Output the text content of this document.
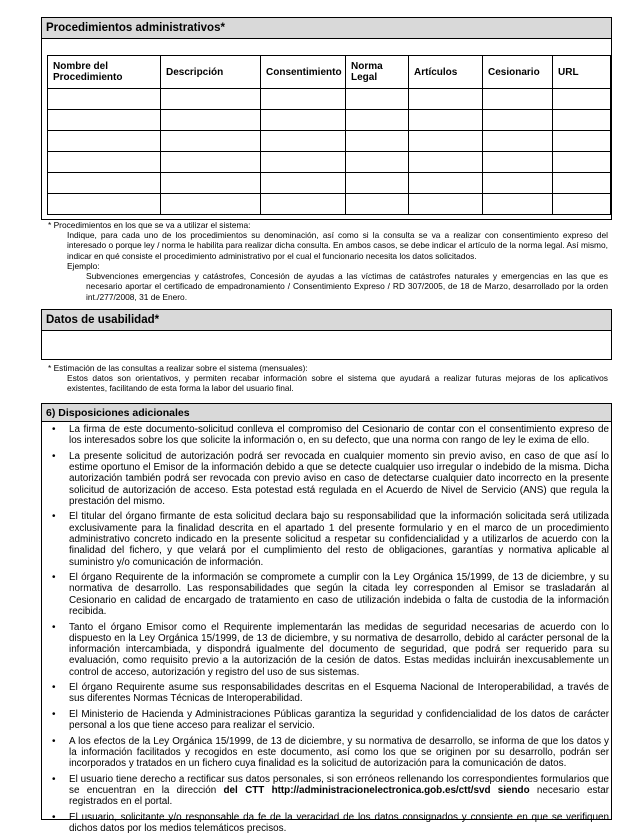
Procedimientos administrativos*
Nombre del Procedimiento	Descripción	Consentimiento	Norma Legal	Artículos	Cesionario	URL

* Procedimientos en los que se va a utilizar el sistema:
Indique, para cada uno de los procedimientos su denominación, así como si la consulta se va a realizar con consentimiento expreso del interesado o porque ley / norma le habilita para realizar dicha consulta. En ambos casos, se debe indicar el artículo de la norma legal. Así mismo, indicar en qué consiste el procedimiento administrativo por el cual el funcionario necesita los datos solicitados.
Ejemplo:
Subvenciones emergencias y catástrofes, Concesión de ayudas a las víctimas de catástrofes naturales y emergencias en las que es necesario aportar el certificado de empadronamiento / Consentimiento Expreso / RD 307/2005, de 18 de Marzo, desarrollado por la orden int./277/2008, 31 de Enero.
Datos de usabilidad*
* Estimación de las consultas a realizar sobre el sistema (mensuales):
Estos datos son orientativos, y permiten recabar información sobre el sistema que ayudará a realizar futuras mejoras de los aplicativos existentes, facilitando de esta forma la labor del usuario final.
6) Disposiciones adicionales
• La firma de este documento-solicitud conlleva el compromiso del Cesionario de contar con el consentimiento expreso de los interesados sobre los que solicite la información o, en su defecto, que una norma con rango de ley le exima de ello.
• La presente solicitud de autorización podrá ser revocada en cualquier momento sin previo aviso, en caso de que así lo estime oportuno el Emisor de la información debido a que se detecte cualquier uso irregular o indebido de la misma. Dicha autorización también podrá ser revocada con previo aviso en caso de detectarse cualquier dato incorrecto en la presente solicitud de autorización de acceso. Esta potestad está regulada en el Acuerdo de Nivel de Servicio (ANS) que regula la prestación del mismo.
• El titular del órgano firmante de esta solicitud declara bajo su responsabilidad que la información solicitada será utilizada exclusivamente para la finalidad descrita en el apartado 1 del presente formulario y en el marco de un procedimiento administrativo concreto indicado en la presente solicitud a respetar su confidencialidad y a utilizarlos de acuerdo con la finalidad del fichero, y que velará por el cumplimiento del resto de obligaciones, garantías y normativa aplicable al suministro y/o comunicación de información.
• El órgano Requirente de la información se compromete a cumplir con la Ley Orgánica 15/1999, de 13 de diciembre, y su normativa de desarrollo. Las responsabilidades que según la citada ley corresponden al Emisor se trasladarán al Cesionario en calidad de encargado de tratamiento en caso de utilización indebida o falta de custodia de la información recibida.
• Tanto el órgano Emisor como el Requirente implementarán las medidas de seguridad necesarias de acuerdo con lo dispuesto en la Ley Orgánica 15/1999, de 13 de diciembre, y su normativa de desarrollo, debido al carácter personal de la información intercambiada, y dispondrá igualmente del documento de seguridad, que podrá ser requerido para su evaluación, como requisito previo a la autorización de la cesión de datos. Estas medidas incluirán inexcusablemente un control de acceso, autorización y registro del uso de sus sistemas.
• El órgano Requirente asume sus responsabilidades descritas en el Esquema Nacional de Interoperabilidad, a través de sus diferentes Normas Técnicas de Interoperabilidad.
• El Ministerio de Hacienda y Administraciones Públicas garantiza la seguridad y confidencialidad de los datos de carácter personal a los que tiene acceso para realizar el servicio.
• A los efectos de la Ley Orgánica 15/1999, de 13 de diciembre, y su normativa de desarrollo, se informa de que los datos y la información facilitados y recogidos en este documento, así como los que se originen por su desarrollo, podrán ser incorporados y tratados en un fichero cuya finalidad es la solicitud de autorización para la comunicación de datos.
• El usuario tiene derecho a rectificar sus datos personales, si son erróneos rellenando los correspondientes formularios que se encuentran en la dirección del CTT http://administracionelectronica.gob.es/ctt/svd siendo necesario estar registrados en el portal.
• El usuario, solicitante y/o responsable da fe de la veracidad de los datos consignados y consiente en que se verifiquen dichos datos por los medios telemáticos precisos.
